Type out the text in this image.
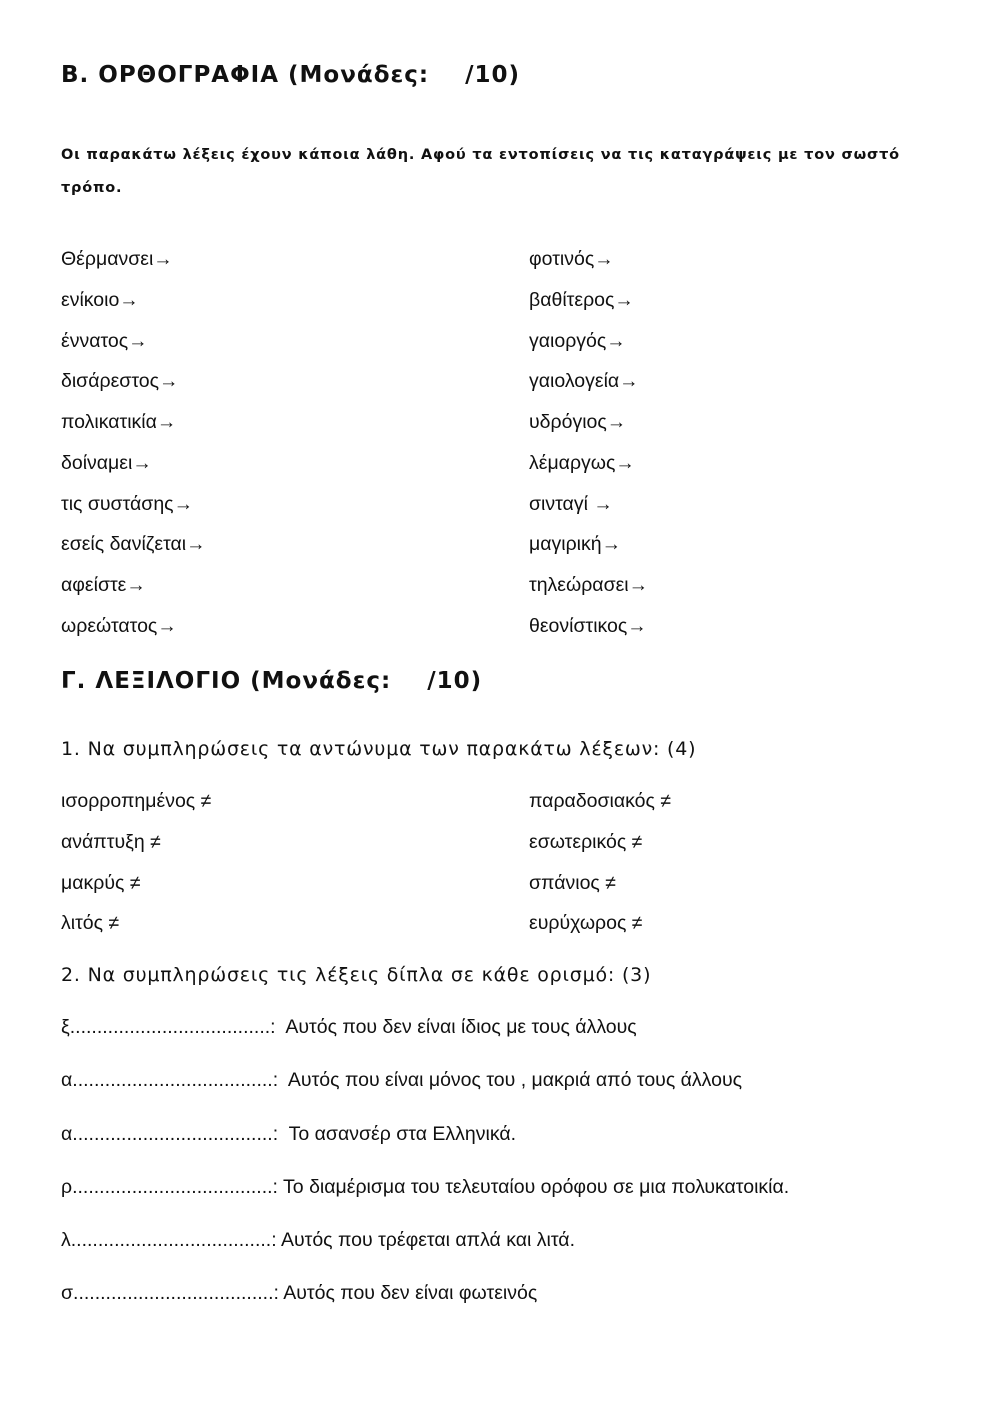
Β. ΟΡΘΟΓΡΑΦΙΑ (Μονάδες:    /10)
Οι παρακάτω λέξεις έχουν κάποια λάθη. Αφού τα εντοπίσεις να τις καταγράψεις με τον σωστό τρόπο.
Θέρμανσει→
ενίκοιο→
έννατος→
δισάρεστος→
πολικατικία→
δοίναμει→
τις συστάσης→
εσείς δανίζεται→
αφείστε→
ωρεώτατος→
φοτινός→
βαθίτερος→
γαιοργός→
γαιολογεία→
υδρόγιος→
λέμαργως→
σινταγί →
μαγιρική→
τηλεώρασει→
θεονίστικος→
Γ. ΛΕΞΙΛΟΓΙΟ (Μονάδες:    /10)
1. Να συμπληρώσεις τα αντώνυμα των παρακάτω λέξεων: (4)
ισορροπημένος ≠
ανάπτυξη ≠
μακρύς ≠
λιτός ≠
παραδοσιακός ≠
εσωτερικός ≠
σπάνιος ≠
ευρύχωρος ≠
2. Να συμπληρώσεις τις λέξεις δίπλα σε κάθε ορισμό: (3)
ξ.....................................:  Αυτός που δεν είναι ίδιος με τους άλλους
α.....................................:  Αυτός που είναι μόνος του , μακριά από τους άλλους
α.....................................:  Το ασανσέρ στα Ελληνικά.
ρ.....................................: Το διαμέρισμα του τελευταίου ορόφου σε μια πολυκατοικία.
λ.....................................: Αυτός που τρέφεται απλά και λιτά.
σ.....................................: Αυτός που δεν είναι φωτεινός
